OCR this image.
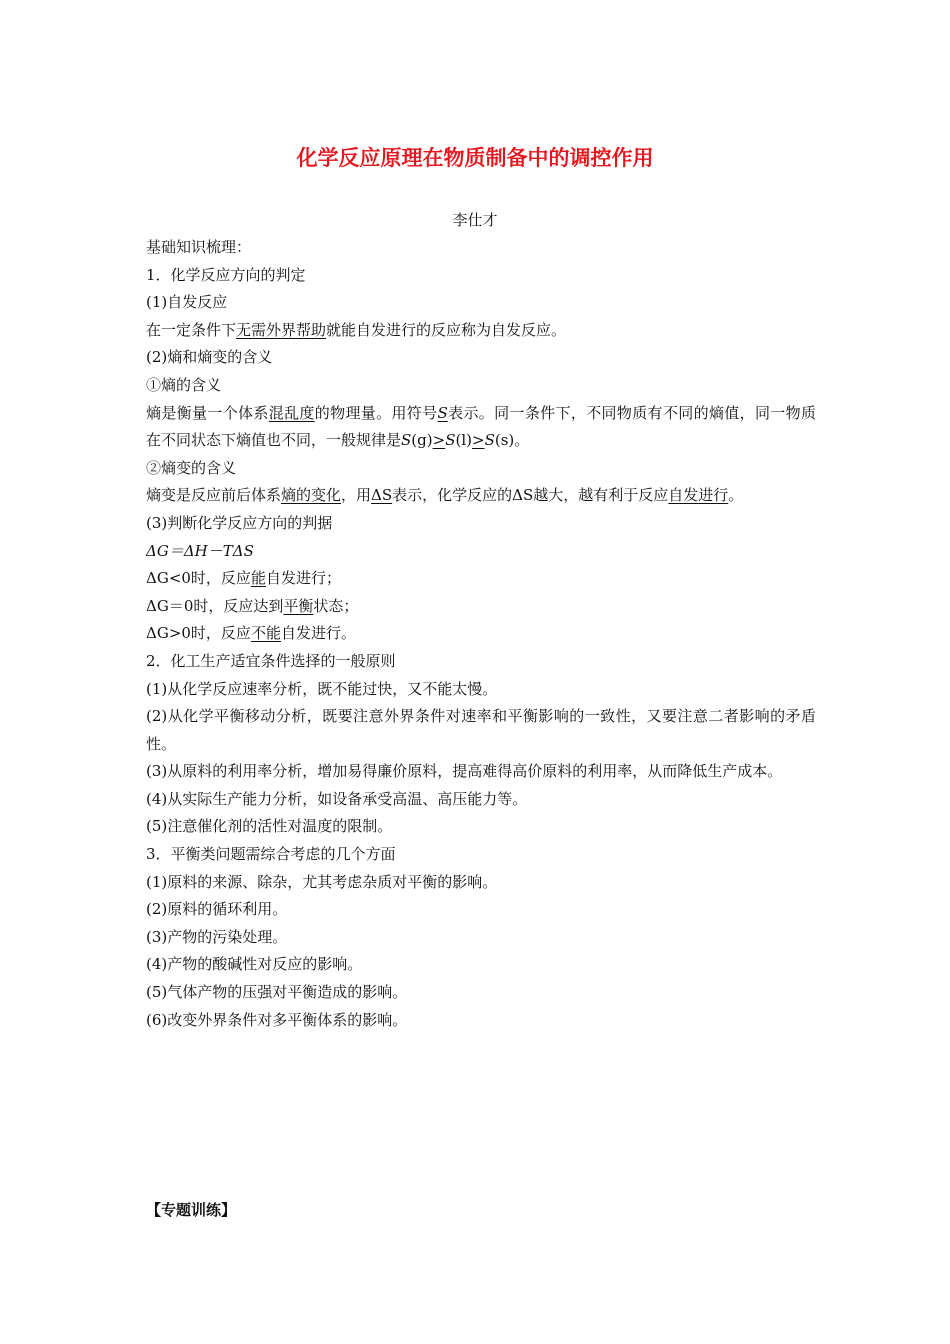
化学反应原理在物质制备中的调控作用
李仕才

基础知识梳理：

1．化学反应方向的判定

(1)自发反应

在一定条件下无需外界帮助就能自发进行的反应称为自发反应。

(2)熵和熵变的含义

①熵的含义

熵是衡量一个体系混乱度的物理量。用符号S表示。同一条件下，不同物质有不同的熵值，同一物质在不同状态下熵值也不同，一般规律是S(g)>S(l)>S(s)。

②熵变的含义

熵变是反应前后体系熵的变化，用ΔS表示，化学反应的ΔS越大，越有利于反应自发进行。

(3)判断化学反应方向的判据

ΔG＝ΔH－TΔS

ΔG<0时，反应能自发进行；

ΔG＝0时，反应达到平衡状态；

ΔG>0时，反应不能自发进行。

2．化工生产适宜条件选择的一般原则

(1)从化学反应速率分析，既不能过快，又不能太慢。

(2)从化学平衡移动分析，既要注意外界条件对速率和平衡影响的一致性，又要注意二者影响的矛盾性。

(3)从原料的利用率分析，增加易得廉价原料，提高难得高价原料的利用率，从而降低生产成本。

(4)从实际生产能力分析，如设备承受高温、高压能力等。

(5)注意催化剂的活性对温度的限制。

3．平衡类问题需综合考虑的几个方面

(1)原料的来源、除杂，尤其考虑杂质对平衡的影响。

(2)原料的循环利用。

(3)产物的污染处理。

(4)产物的酸碱性对反应的影响。

(5)气体产物的压强对平衡造成的影响。

(6)改变外界条件对多平衡体系的影响。

【专题训练】
